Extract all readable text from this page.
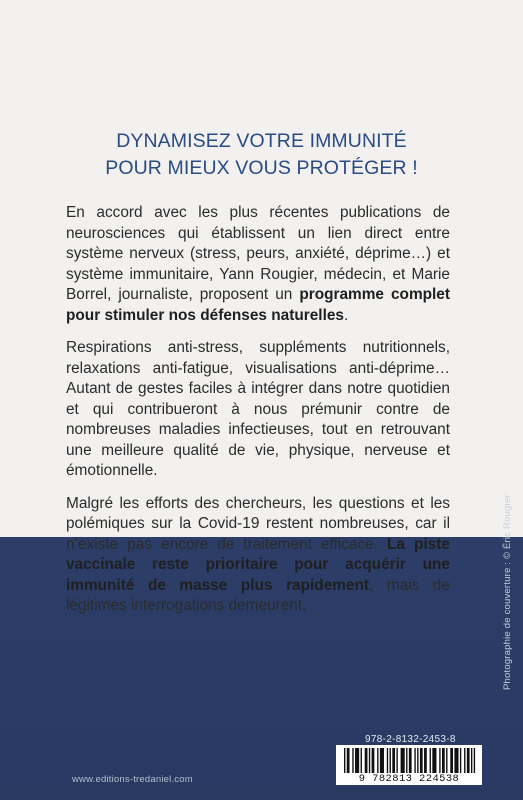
DYNAMISEZ VOTRE IMMUNITÉ
POUR MIEUX VOUS PROTÉGER !

En accord avec les plus récentes publications de neurosciences qui établissent un lien direct entre système nerveux (stress, peurs, anxiété, déprime…) et système immunitaire, Yann Rougier, médecin, et Marie Borrel, journaliste, proposent un programme complet pour stimuler nos défenses naturelles.

Respirations anti-stress, suppléments nutritionnels, relaxations anti-fatigue, visualisations anti-déprime… Autant de gestes faciles à intégrer dans notre quotidien et qui contribueront à nous prémunir contre de nombreuses maladies infectieuses, tout en retrouvant une meilleure qualité de vie, physique, nerveuse et émotionnelle.

Malgré les efforts des chercheurs, les questions et les polémiques sur la Covid-19 restent nombreuses, car il n’existe pas encore de traitement efficace. La piste vaccinale reste prioritaire pour acquérir une immunité de masse plus rapidement, mais de légitimes interrogations demeurent.	Photographie de couverture : © Éric Rougier
978-2-8132-2453-8
9 782813 224538
www.editions-tredaniel.com
